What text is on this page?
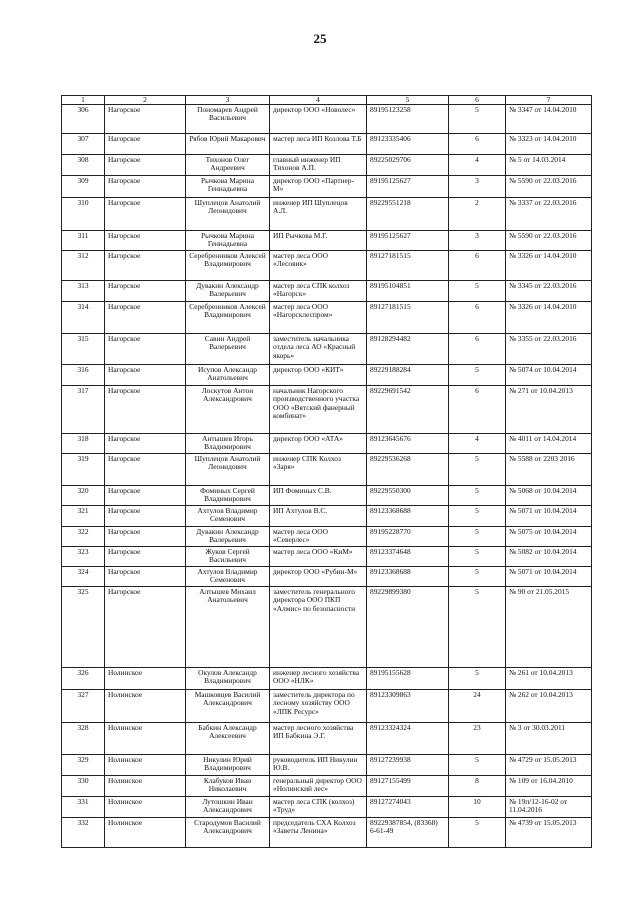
25
1	2	3	4	5	6	7
306	Нагорское	Пономарев Андрей Васильевич	директор ООО «Новолес»	89195123258	5	№ 3347 от 14.04.2010
307	Нагорское	Рябов Юрий Макарович	мастер леса ИП Козлова Т.Б	89123335406	6	№ 3323 от 14.04.2010
308	Нагорское	Тихонов Олег Андреевич	главный инженер ИП Тихонов А.П.	89225029706	4	№ 5 от 14.03.2014
309	Нагорское	Рычкова Марина Геннадьевна	директор ООО «Партнер-М»	89195125627	3	№ 5590 от 22.03.2016
310	Нагорское	Шуплецов Анатолий Леонидович	инженер ИП Шуплецов А.Л.	89229551218	2	№ 3337 от 22.03.2016
311	Нагорское	Рычкова Марина Геннадьевна	ИП Рычкова М.Г.	89195125627	3	№ 5590 от 22.03.2016
312	Нагорское	Серебренников Алексей Владимирович	мастер леса ООО «Лесовик»	89127181515	6	№ 3326 от 14.04.2010
313	Нагорское	Дувакин Александр Валерьевич	мастер леса СПК колхоз «Нагорск»	89195104851	5	№ 3345 от 22.03.2016
314	Нагорское	Серебренников Алексей Владимирович	мастер леса ООО «Нагорсклеспром»	89127181515	6	№ 3326 от 14.04.2010
315	Нагорское	Савин Андрей Валерьевич	заместитель начальника отдела леса АО «Красный якорь»	89128294482	6	№ 3355 от 22.03.2016
316	Нагорское	Исупов Александр Анатольевич	директор ООО «КИТ»	89229188284	5	№ 5074 от 10.04.2014
317	Нагорское	Лоскутов Антон Александрович	начальник Нагорского производственного участка ООО «Вятский фанерный комбинат»	89229691542	6	№ 271 от 10.04.2013
318	Нагорское	Антышев Игорь Владимирович	директор ООО «АТА»	89123645676	4	№ 4011 от 14.04.2014
319	Нагорское	Шуплецов Анатолий Леонидович	инженер СПК Колхоз «Заря»	89229536268	5	№ 5588 от 2203 2016
320	Нагорское	Фоминых Сергей Владимирович	ИП Фоминых С.В.	89229550300	5	№ 5068 от 10.04.2014
321	Нагорское	Ахтулов Владимир Семенович	ИП Ахтулов В.С.	89123368688	5	№ 5071 от 10.04.2014
322	Нагорское	Дувакин Александр Валерьевич	мастер леса ООО «Северлес»	89195228770	5	№ 5075 от 10.04.2014
323	Нагорское	Жуков Сергей Васильевич	мастер леса ООО «КиМ»	89123374648	5	№ 5082 от 10.04.2014
324	Нагорское	Ахтулов Владимир Семенович	директор ООО «Рубин-М»	89123368688	5	№ 5071 от 10.04.2014
325	Нагорское	Алтышев Михаил Анатольевич	заместитель генерального директора ООО ПКП «Алмис» по безопасности	89229899380	5	№ 90 от 21.05.2015
326	Нолинское	Окулов Александр Владимирович	инженер лесного хозяйства ООО «НЛК»	89195155628	5	№ 261 от 10.04.2013
327	Нолинское	Машковцев Василий Александрович	заместитель директора по лесному хозяйству ООО «ЛПК Ресурс»	89123309863	24	№ 262 от 10.04.2013
328	Нолинское	Бабкин Александр Алексеевич	мастер лесного хозяйства ИП Бабкина Э.Г.	89123324324	23	№ 3 от 30.03.2011
329	Нолинское	Никулин Юрий Владимирович	руководитель ИП Никулин Ю.В.	89127239938	5	№ 4729 от 15.05.2013
330	Нолинское	Клабуков Иван Николаевич	генеральный директор ООО «Нолинский лес»	89127155499	8	№ 109 от 16.04.2010
331	Нолинское	Лутошкин Иван Александрович	мастер леса СПК (колхоз) «Труд»	89127274043	10	№ 19п/12-16-02 от 11.04.2016
332	Нолинское	Стародумов Василий Александрович	председатель СХА Колхоз «Заветы Ленина»	89229387854, (83368) 6-61-49	5	№ 4739 от 15.05.2013
